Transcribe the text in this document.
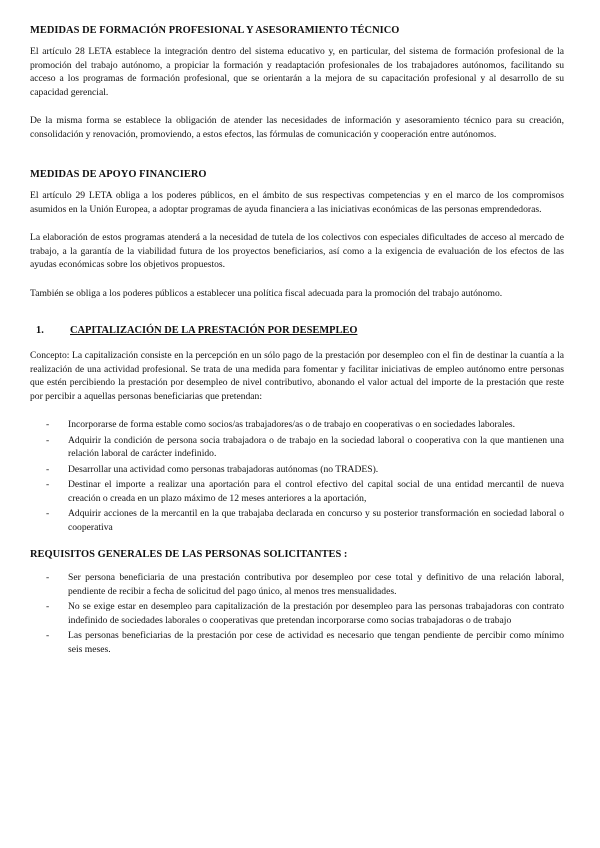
MEDIDAS DE FORMACIÓN PROFESIONAL Y ASESORAMIENTO TÉCNICO

El artículo 28 LETA establece la integración dentro del sistema educativo y, en particular, del sistema de formación profesional de la promoción del trabajo autónomo, a propiciar la formación y readaptación profesionales de los trabajadores autónomos, facilitando su acceso a los programas de formación profesional, que se orientarán a la mejora de su capacitación profesional y al desarrollo de su capacidad gerencial.

De la misma forma se establece la obligación de atender las necesidades de información y asesoramiento técnico para su creación, consolidación y renovación, promoviendo, a estos efectos, las fórmulas de comunicación y cooperación entre autónomos.

MEDIDAS DE APOYO FINANCIERO

El artículo 29 LETA obliga a los poderes públicos, en el ámbito de sus respectivas competencias y en el marco de los compromisos asumidos en la Unión Europea, a adoptar programas de ayuda financiera a las iniciativas económicas de las personas emprendedoras.

La elaboración de estos programas atenderá a la necesidad de tutela de los colectivos con especiales dificultades de acceso al mercado de trabajo, a la garantía de la viabilidad futura de los proyectos beneficiarios, así como a la exigencia de evaluación de los efectos de las ayudas económicas sobre los objetivos propuestos.

También se obliga a los poderes públicos a establecer una política fiscal adecuada para la promoción del trabajo autónomo.

1.	CAPITALIZACIÓN DE LA PRESTACIÓN POR DESEMPLEO

Concepto: La capitalización consiste en la percepción en un sólo pago de la prestación por desempleo con el fin de destinar la cuantía a la realización de una actividad profesional. Se trata de una medida para fomentar y facilitar iniciativas de empleo autónomo entre personas que estén percibiendo la prestación por desempleo de nivel contributivo, abonando el valor actual del importe de la prestación que reste por percibir a aquellas personas beneficiarias que pretendan:

-	Incorporarse de forma estable como socios/as trabajadores/as o de trabajo en cooperativas o en sociedades laborales.
-	Adquirir la condición de persona socia trabajadora o de trabajo en la sociedad laboral o cooperativa con la que mantienen una relación laboral de carácter indefinido.
-	Desarrollar una actividad como personas trabajadoras autónomas (no TRADES).
-	Destinar el importe a realizar una aportación para el control efectivo del capital social de una entidad mercantil de nueva creación o creada en un plazo máximo de 12 meses anteriores a la aportación,
-	Adquirir acciones de la mercantil en la que trabajaba declarada en concurso y su posterior transformación en sociedad laboral o cooperativa
REQUISITOS GENERALES DE LAS PERSONAS SOLICITANTES :
-	Ser persona beneficiaria de una prestación contributiva por desempleo por cese total y definitivo de una relación laboral, pendiente de recibir a fecha de solicitud del pago único, al menos tres mensualidades.
-	No se exige estar en desempleo para capitalización de la prestación por desempleo para las personas trabajadoras con contrato indefinido de sociedades laborales o cooperativas que pretendan incorporarse como socias trabajadoras o de trabajo
-	Las personas beneficiarias de la prestación por cese de actividad es necesario que tengan pendiente de percibir como mínimo seis meses.
